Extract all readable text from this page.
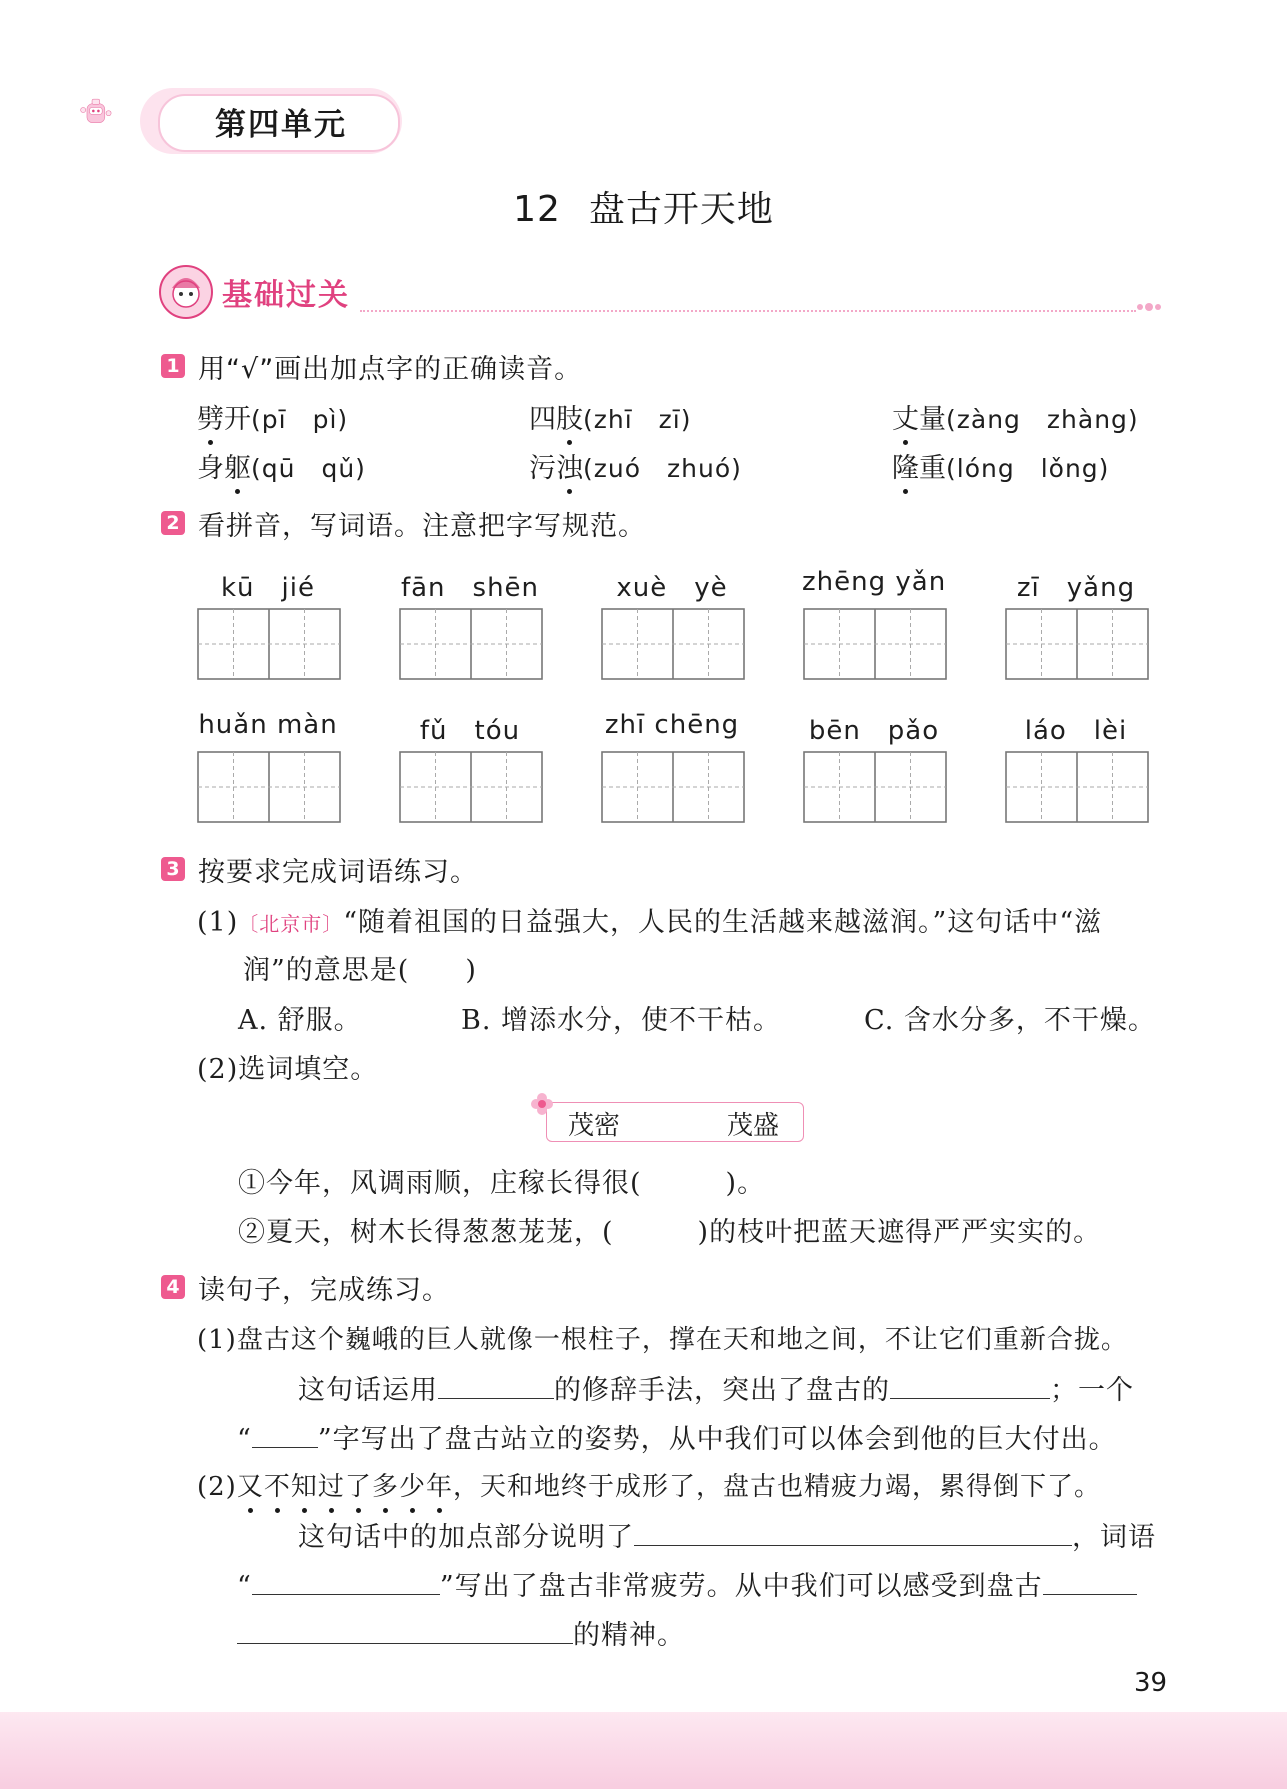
第四单元
12 盘古开天地
基础过关
1 用“√”画出加点字的正确读音。
劈开(pī　pì)	四肢(zhī　zī)	丈量(zàng　zhàng)
身躯(qū　qǔ)	污浊(zuó　zhuó)	隆重(lóng　lǒng)
2 看拼音，写词语。注意把字写规范。
kū　jié	fān　shēn	xuè　yè	zhēng yǎn	zī　yǎng
huǎn màn	fǔ　tóu	zhī chēng	bēn　pǎo	láo　lèi
3 按要求完成词语练习。
(1)〔北京市〕“随着祖国的日益强大，人民的生活越来越滋润。”这句话中“滋
润”的意思是(　　)
A. 舒服。	B. 增添水分，使不干枯。	C. 含水分多，不干燥。
(2)选词填空。
茂密	茂盛
①今年，风调雨顺，庄稼长得很(　　　)。
②夏天，树木长得葱葱茏茏，(　　　)的枝叶把蓝天遮得严严实实的。
4 读句子，完成练习。
(1)盘古这个巍峨的巨人就像一根柱子，撑在天和地之间，不让它们重新合拢。
这句话运用	的修辞手法，突出了盘古的	；一个
“ ”字写出了盘古站立的姿势，从中我们可以体会到他的巨大付出。
(2)又不知过了多少年，天和地终于成形了，盘古也精疲力竭，累得倒下了。
这句话中的加点部分说明了	，词语
“	”写出了盘古非常疲劳。从中我们可以感受到盘古
的精神。
39
